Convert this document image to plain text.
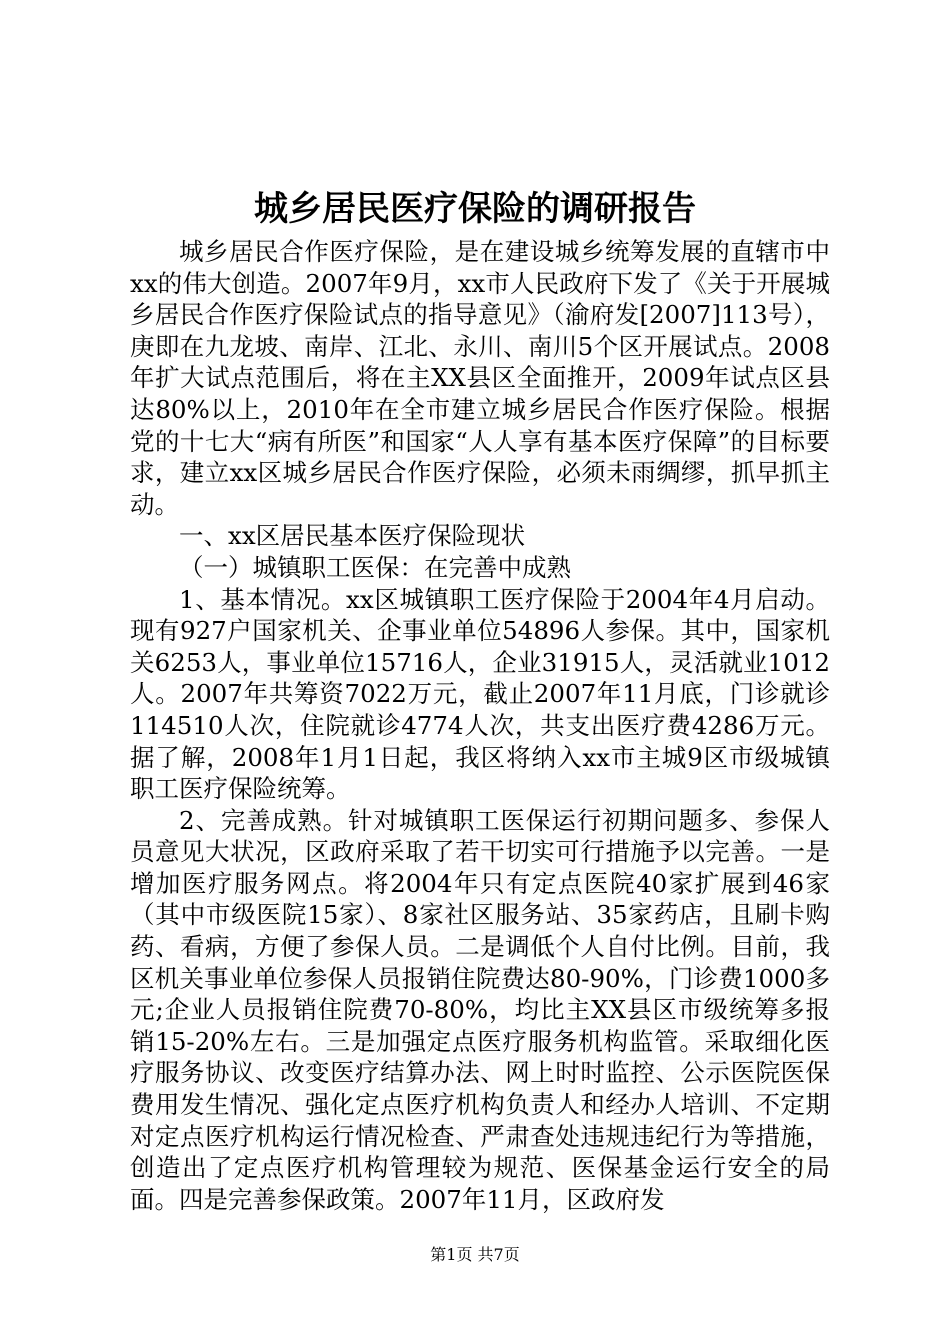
城乡居民医疗保险的调研报告

城乡居民合作医疗保险，是在建设城乡统筹发展的直辖市中xx的伟大创造。2007年9月，xx市人民政府下发了《关于开展城乡居民合作医疗保险试点的指导意见》（渝府发[2007]113号），庚即在九龙坡、南岸、江北、永川、南川5个区开展试点。2008年扩大试点范围后，将在主XX县区全面推开，2009年试点区县达80%以上，2010年在全市建立城乡居民合作医疗保险。根据党的十七大“病有所医”和国家“人人享有基本医疗保障”的目标要求，建立xx区城乡居民合作医疗保险，必须未雨绸缪，抓早抓主动。

一、xx区居民基本医疗保险现状

（一）城镇职工医保：在完善中成熟

1、基本情况。xx区城镇职工医疗保险于2004年4月启动。现有927户国家机关、企事业单位54896人参保。其中，国家机关6253人，事业单位15716人，企业31915人，灵活就业1012人。2007年共筹资7022万元，截止2007年11月底，门诊就诊114510人次，住院就诊4774人次，共支出医疗费4286万元。据了解，2008年1月1日起，我区将纳入xx市主城9区市级城镇职工医疗保险统筹。

2、完善成熟。针对城镇职工医保运行初期问题多、参保人员意见大状况，区政府采取了若干切实可行措施予以完善。一是增加医疗服务网点。将2004年只有定点医院40家扩展到46家（其中市级医院15家）、8家社区服务站、35家药店，且刷卡购药、看病，方便了参保人员。二是调低个人自付比例。目前，我区机关事业单位参保人员报销住院费达80-90%，门诊费1000多元;企业人员报销住院费70-80%，均比主XX县区市级统筹多报销15-20%左右。三是加强定点医疗服务机构监管。采取细化医疗服务协议、改变医疗结算办法、网上时时监控、公示医院医保费用发生情况、强化定点医疗机构负责人和经办人培训、不定期对定点医疗机构运行情况检查、严肃查处违规违纪行为等措施，创造出了定点医疗机构管理较为规范、医保基金运行安全的局面。四是完善参保政策。2007年11月，区政府发

第1页 共7页
